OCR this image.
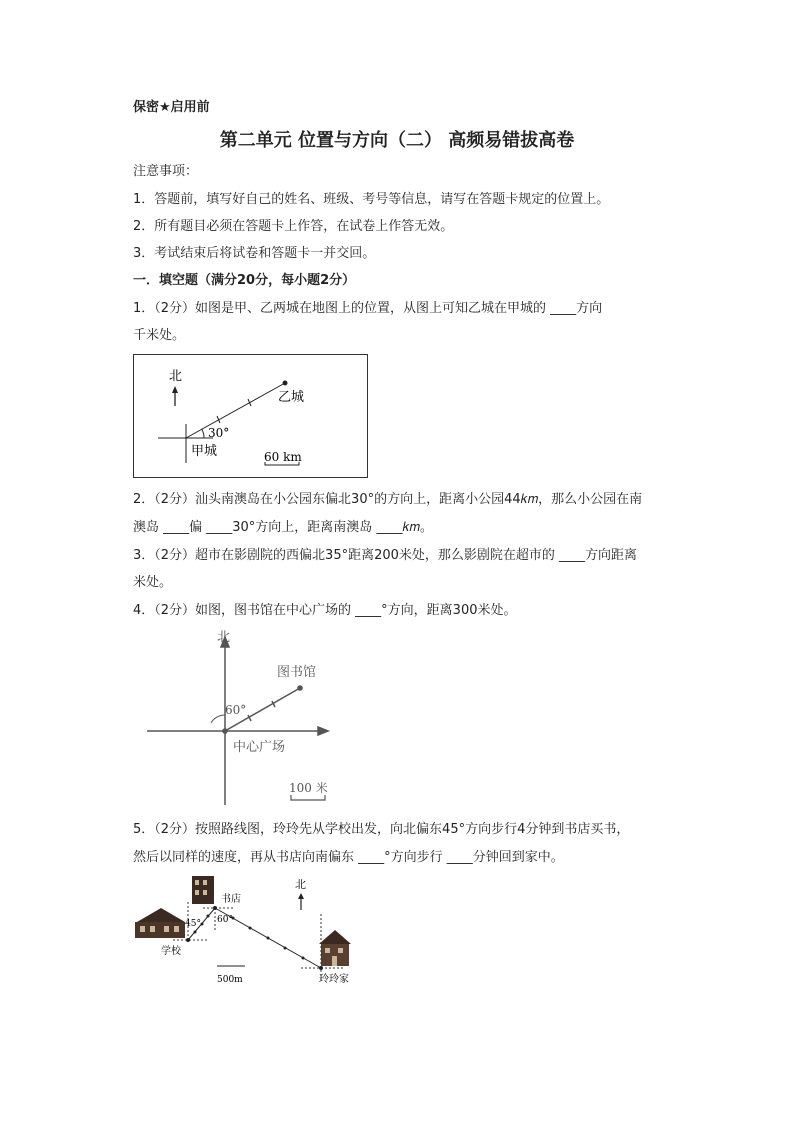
保密★启用前
第二单元 位置与方向（二） 高频易错拔高卷
注意事项：
1．答题前，填写好自己的姓名、班级、考号等信息，请写在答题卡规定的位置上。
2．所有题目必须在答题卡上作答，在试卷上作答无效。
3．考试结束后将试卷和答题卡一并交回。
一．填空题（满分20分，每小题2分）
1．（2分）如图是甲、乙两城在地图上的位置，从图上可知乙城在甲城的 ____方向
千米处。
北
30°
乙城
甲城	60 km
2．（2分）汕头南澳岛在小公园东偏北30°的方向上，距离小公园44𝑘𝑚，那么小公园在南
澳岛 ____偏 ____30°方向上，距离南澳岛 ____𝑘𝑚。
3．（2分）超市在影剧院的西偏北35°距离200米处，那么影剧院在超市的 ____方向距离
米处。
4．（2分）如图，图书馆在中心广场的 ____°方向，距离300米处。
北
图书馆
60°
中心广场
100 米
5．（2分）按照路线图，玲玲先从学校出发，向北偏东45°方向步行4分钟到书店买书，
然后以同样的速度，再从书店向南偏东 ____°方向步行 ____分钟回到家中。
北
书店
学校
玲玲家
45° 60°
500m
